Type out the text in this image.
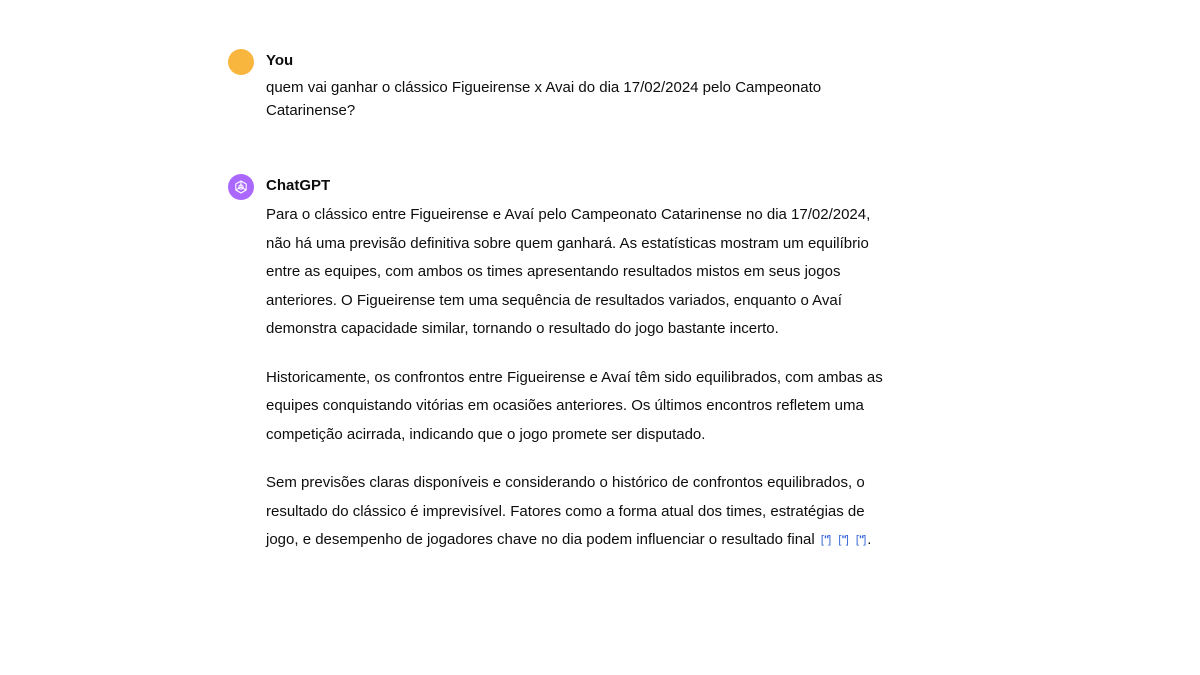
You

quem vai ganhar o clássico Figueirense x Avai do dia 17/02/2024 pelo Campeonato Catarinense?

ChatGPT

Para o clássico entre Figueirense e Avaí pelo Campeonato Catarinense no dia 17/02/2024, não há uma previsão definitiva sobre quem ganhará. As estatísticas mostram um equilíbrio entre as equipes, com ambos os times apresentando resultados mistos em seus jogos anteriores. O Figueirense tem uma sequência de resultados variados, enquanto o Avaí demonstra capacidade similar, tornando o resultado do jogo bastante incerto.

Historicamente, os confrontos entre Figueirense e Avaí têm sido equilibrados, com ambas as equipes conquistando vitórias em ocasiões anteriores. Os últimos encontros refletem uma competição acirrada, indicando que o jogo promete ser disputado.

Sem previsões claras disponíveis e considerando o histórico de confrontos equilibrados, o resultado do clássico é imprevisível. Fatores como a forma atual dos times, estratégias de jogo, e desempenho de jogadores chave no dia podem influenciar o resultado final ["] ["] ["].
